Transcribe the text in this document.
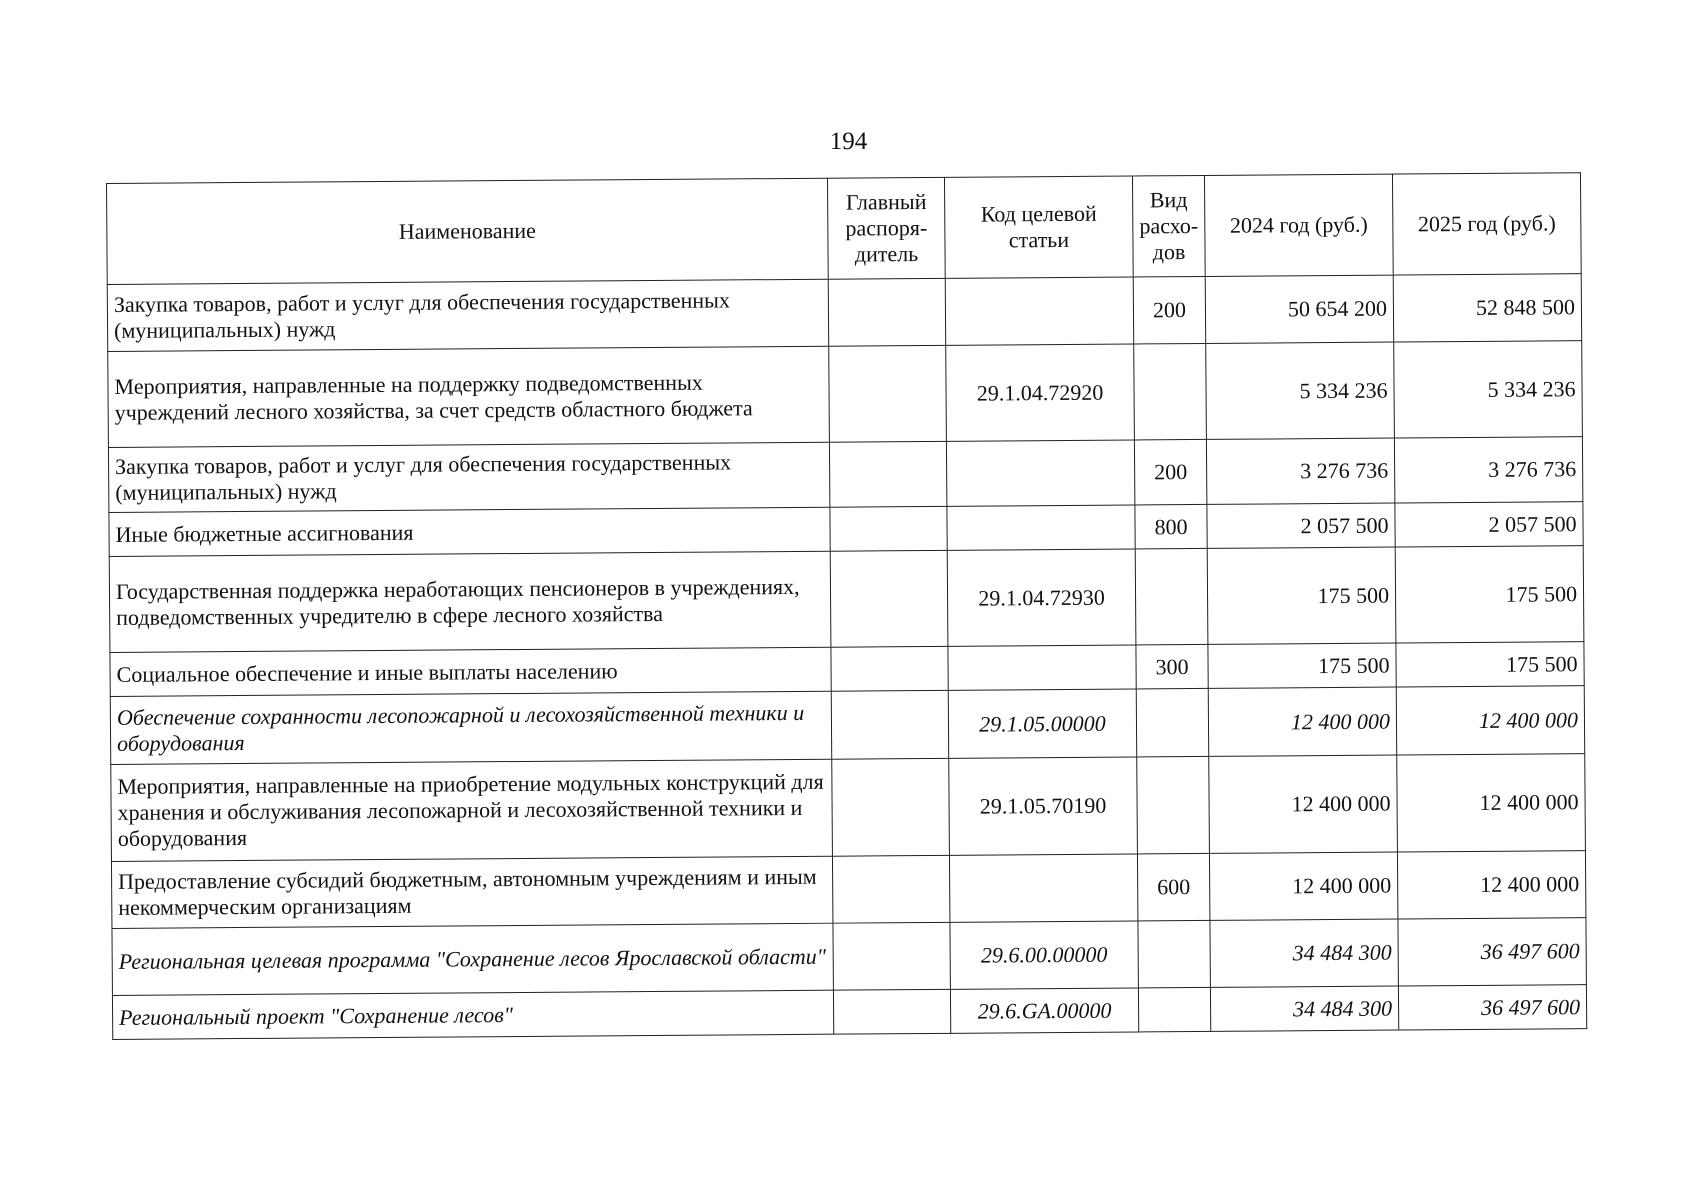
194
Наименование	Главный распоря-дитель	Код целевой статьи	Вид расхо-дов	2024 год (руб.)	2025 год (руб.)
Закупка товаров, работ и услуг для обеспечения государственных (муниципальных) нужд			200	50 654 200	52 848 500
Мероприятия, направленные на поддержку подведомственных учреждений лесного хозяйства, за счет средств областного бюджета		29.1.04.72920		5 334 236	5 334 236
Закупка товаров, работ и услуг для обеспечения государственных (муниципальных) нужд			200	3 276 736	3 276 736
Иные бюджетные ассигнования			800	2 057 500	2 057 500
Государственная поддержка неработающих пенсионеров в учреждениях, подведомственных учредителю в сфере лесного хозяйства		29.1.04.72930		175 500	175 500
Социальное обеспечение и иные выплаты населению			300	175 500	175 500
Обеспечение сохранности лесопожарной и лесохозяйственной техники и оборудования		29.1.05.00000		12 400 000	12 400 000
Мероприятия, направленные на приобретение модульных конструкций для хранения и обслуживания лесопожарной и лесохозяйственной техники и оборудования		29.1.05.70190		12 400 000	12 400 000
Предоставление субсидий бюджетным, автономным учреждениям и иным некоммерческим организациям			600	12 400 000	12 400 000
Региональная целевая программа "Сохранение лесов Ярославской области"		29.6.00.00000		34 484 300	36 497 600
Региональный проект "Сохранение лесов"		29.6.GA.00000		34 484 300	36 497 600
